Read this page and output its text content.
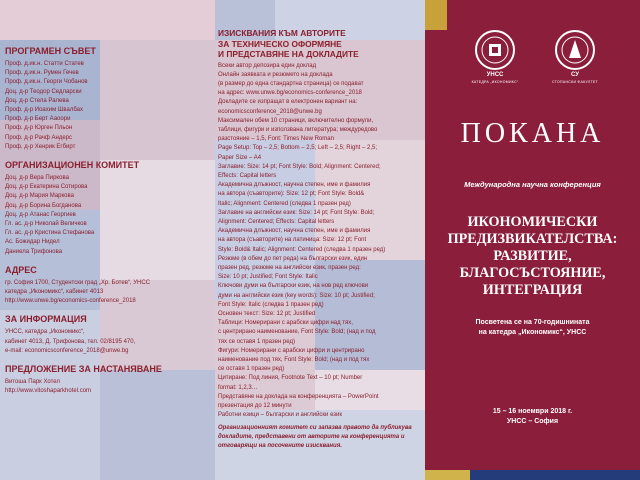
ПРОГРАМЕН СЪВЕТ
Проф. д.ик.н. Статти Статев
Проф. д.ик.н. Румен Гечев
Проф. д.ик.н. Георги Чобанов
Доц. д-р Теодор Седларски
Доц. д-р Стела Ралева
Проф. д-р Йоахим Швалбах
Проф. д-р Берт Ааоори
Проф. д-р Юрген Пльон
Проф. д-р Рачф Андерс
Проф. д-р Хенрик Егбирт
ОРГАНИЗАЦИОНЕН КОМИТЕТ
Доц. д-р Вера Пиркова
Доц. д-р Екатерина Сотирова
Доц. д-р Мария Маркова
Доц. д-р Борина Богданова
Доц. д-р Атанас Георгиев
Гл. ас. д-р Николай Величков
Гл. ас. д-р Кристина Стефанова
Ас. Божидар Нидел
Даниела Трифонова
АДРЕС
гр. София 1700, Студентски град „Хр. Ботев“, УНСС
катедра „Икономикс“, кабинет 4013
http://www.unwe.bg/economics-conference_2018
ЗА ИНФОРМАЦИЯ
УНСС, катедра „Икономикс“,
кабинет 4013, Д. Трифонова, тел. 02/8195 470,
e-mail: economicsconference_2018@unwe.bg
ПРЕДЛОЖЕНИЕ ЗА НАСТАНЯВАНЕ
Витоша Парк Хотел
http://www.vitoshaparkhotel.com
ИЗИСКВАНИЯ КЪМ АВТОРИТЕ
ЗА ТЕХНИЧЕСКО ОФОРМЯНЕ
И ПРЕДСТАВЯНЕ НА ДОКЛАДИТЕ
Всеки автор депозира един доклад
Онлайн заявката и резюмето на доклада
(в размер до една стандартна страница) се подават
на адрес: www.unwe.bg/economics-conference_2018
Докладите се изпращат в електронен вариант на:
economicsconference_2018@unwe.bg
Максимален обем 10 страници, включително формули,
таблици, фигури и използвана литература; междуредово
разстояние – 1,5, Font: Times New Roman
Page Setup: Top – 2,5; Bottom – 2,5; Left – 2,5; Right – 2,5;
Paper Size – A4
Заглавие: Size: 14 pt; Font Style: Bold; Alignment: Centered;
Effects: Capital letters
Академична длъжност, научна степен, име и фамилия
на автора (съавторите): Size: 12 pt; Font Style: Bold&
Italic; Alignment: Centered (следва 1 празен ред)
Заглавие на английски език: Size: 14 pt; Font Style: Bold;
Alignment: Centered; Effects: Capital letters
Академична длъжност, научна степен, име и фамилия
на автора (съавторите) на латиница: Size: 12 pt; Font
Style: Bold& Italic; Alignment: Centered (следва 1 празен ред)
Резюме (в обем до пет реда) на български език, един
празен ред, резюме на английски език, празен ред:
Size: 10 pt; Justified; Font Style: Italic
Ключови думи на български език, на нов ред ключови
думи на английски език (key words): Size: 10 pt; Justified;
Font Style: Italic (следва 1 празен ред)
Основен текст: Size: 12 pt; Justified
Таблици: Номерирани с арабски цифри над тях,
с центрирано наименование, Font Style: Bold; (над и под
тях се оставя 1 празен ред)
Фигури: Номерирани с арабски цифри и центрирано
наименование под тях, Font Style: Bold; (над и под тях
се оставя 1 празен ред)
Цитиране: Под линия, Footnote Text – 10 pt; Number
format: 1,2,3…
Представяне на доклада на конференцията – PowerPoint
презентация до 12 минути
Работни езици – български и английски език
Организационният комитет си запазва правото да публикува докладите, представени от авторите на конференцията и отговарящи на посочените изисквания.
УНСС
КАТЕДРА „ИКОНОМИКС“
СУ
СТОПАНСКИ ФАКУЛТЕТ
ПОКАНА
Международна научна конференция
ИКОНОМИЧЕСКИ
ПРЕДИЗВИКАТЕЛСТВА:
РАЗВИТИЕ,
БЛАГОСЪСТОЯНИЕ,
ИНТЕГРАЦИЯ
Посветена се на 70-годишнината
на катедра „Икономикс“, УНСС
15 – 16 ноември 2018 г.
УНСС – София
